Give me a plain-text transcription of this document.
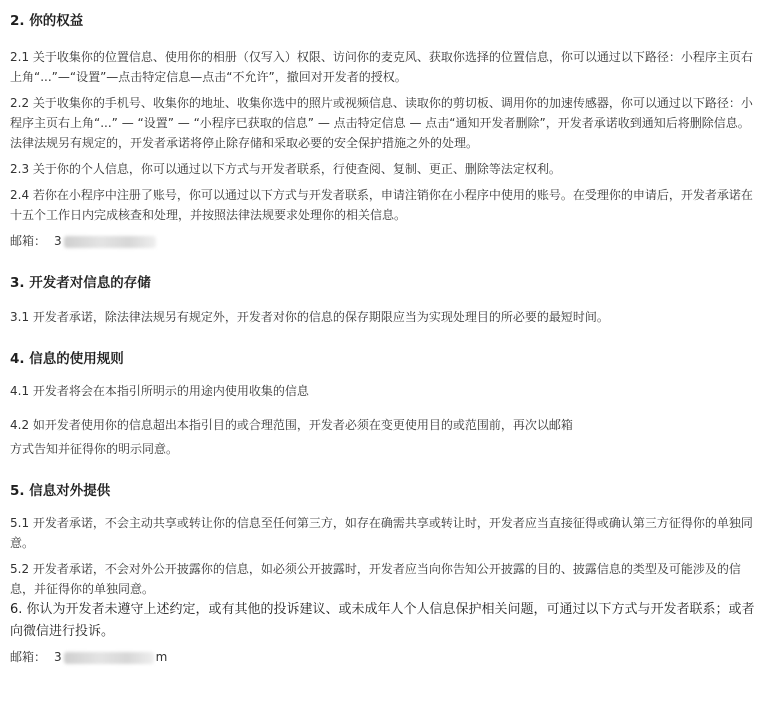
2. 你的权益

2.1 关于收集你的位置信息、使用你的相册（仅写入）权限、访问你的麦克风、获取你选择的位置信息，你可以通过以下路径：小程序主页右上角“...”—“设置”—点击特定信息—点击“不允许”，撤回对开发者的授权。

2.2 关于收集你的手机号、收集你的地址、收集你选中的照片或视频信息、读取你的剪切板、调用你的加速传感器，你可以通过以下路径：小程序主页右上角“...” — “设置” — “小程序已获取的信息” — 点击特定信息 — 点击“通知开发者删除”，开发者承诺收到通知后将删除信息。法律法规另有规定的，开发者承诺将停止除存储和采取必要的安全保护措施之外的处理。

2.3 关于你的个人信息，你可以通过以下方式与开发者联系，行使查阅、复制、更正、删除等法定权利。

2.4 若你在小程序中注册了账号，你可以通过以下方式与开发者联系，申请注销你在小程序中使用的账号。在受理你的申请后，开发者承诺在十五个工作日内完成核查和处理，并按照法律法规要求处理你的相关信息。

邮箱： 3
3. 开发者对信息的存储

3.1 开发者承诺，除法律法规另有规定外，开发者对你的信息的保存期限应当为实现处理目的所必要的最短时间。

4. 信息的使用规则

4.1 开发者将会在本指引所明示的用途内使用收集的信息

4.2 如开发者使用你的信息超出本指引目的或合理范围，开发者必须在变更使用目的或范围前，再次以邮箱

方式告知并征得你的明示同意。

5. 信息对外提供

5.1 开发者承诺，不会主动共享或转让你的信息至任何第三方，如存在确需共享或转让时，开发者应当直接征得或确认第三方征得你的单独同意。

5.2 开发者承诺，不会对外公开披露你的信息，如必须公开披露时，开发者应当向你告知公开披露的目的、披露信息的类型及可能涉及的信息，并征得你的单独同意。

6. 你认为开发者未遵守上述约定，或有其他的投诉建议、或未成年人个人信息保护相关问题，可通过以下方式与开发者联系；或者向微信进行投诉。

邮箱： 3	m
